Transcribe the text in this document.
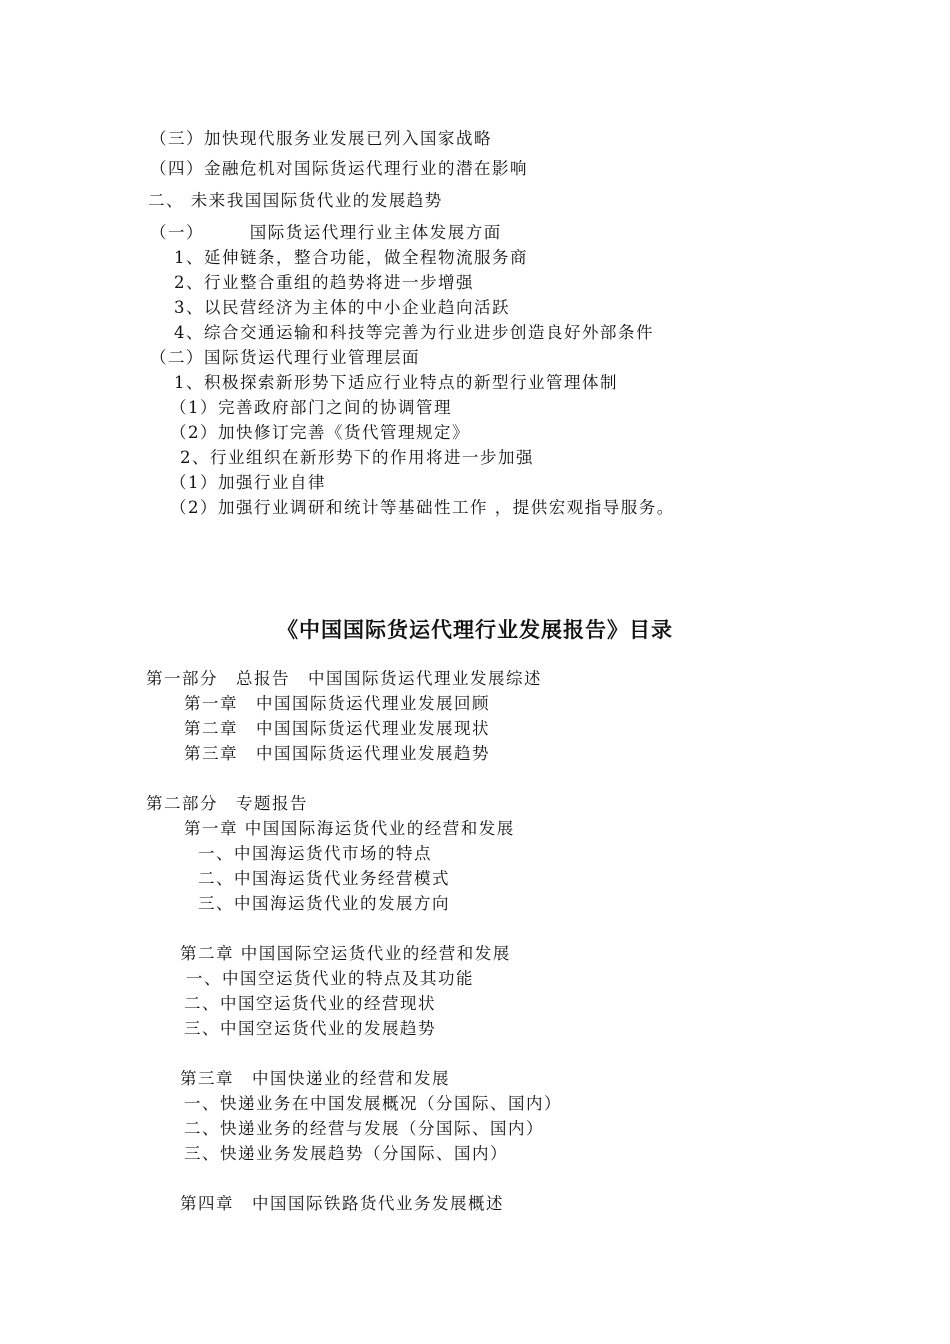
（三）加快现代服务业发展已列入国家战略
（四）金融危机对国际货运代理行业的潜在影响
二、 未来我国国际货代业的发展趋势
（一）　　　国际货运代理行业主体发展方面
1、延伸链条，整合功能，做全程物流服务商
2、行业整合重组的趋势将进一步增强
3、以民营经济为主体的中小企业趋向活跃
4、综合交通运输和科技等完善为行业进步创造良好外部条件
（二）国际货运代理行业管理层面
1、积极探索新形势下适应行业特点的新型行业管理体制
（1）完善政府部门之间的协调管理
（2）加快修订完善《货代管理规定》
2、行业组织在新形势下的作用将进一步加强
（1）加强行业自律
（2）加强行业调研和统计等基础性工作 ，提供宏观指导服务。
《中国国际货运代理行业发展报告》目录
第一部分　总报告　中国国际货运代理业发展综述
第一章　中国国际货运代理业发展回顾
第二章　中国国际货运代理业发展现状
第三章　中国国际货运代理业发展趋势
第二部分　专题报告
第一章 中国国际海运货代业的经营和发展
一、中国海运货代市场的特点
二、中国海运货代业务经营模式
三、中国海运货代业的发展方向
第二章 中国国际空运货代业的经营和发展
一、中国空运货代业的特点及其功能
二、中国空运货代业的经营现状
三、中国空运货代业的发展趋势
第三章　中国快递业的经营和发展
一、快递业务在中国发展概况（分国际、国内）
二、快递业务的经营与发展（分国际、国内）
三、快递业务发展趋势（分国际、国内）
第四章　中国国际铁路货代业务发展概述
